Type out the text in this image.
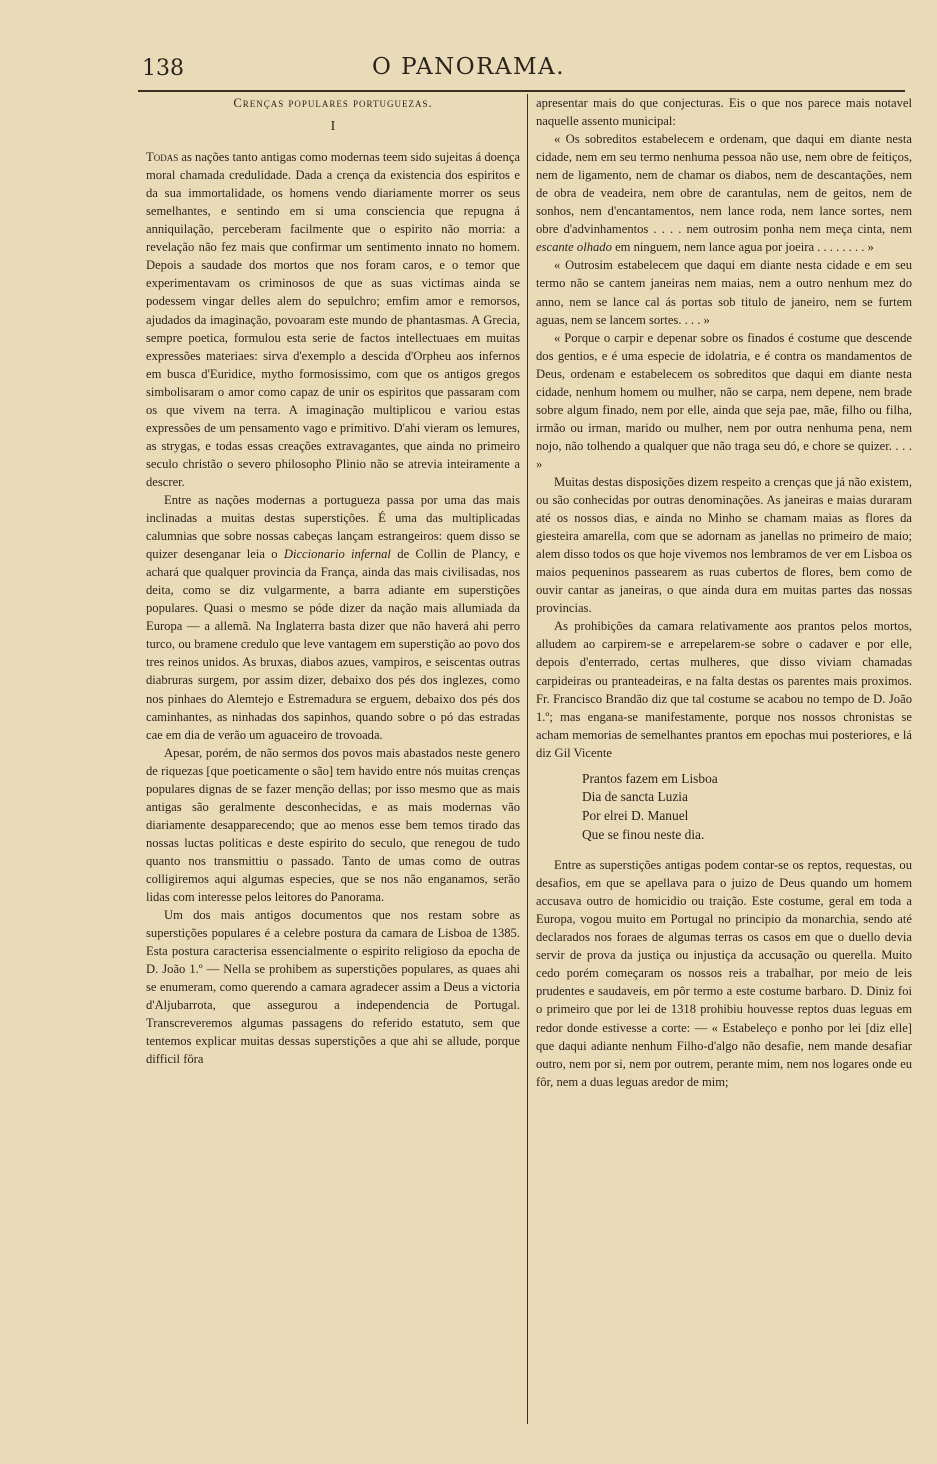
138	O PANORAMA.
Crenças populares portuguezas.
I

Todas as nações tanto antigas como modernas teem sido sujeitas á doença moral chamada credulidade. Dada a crença da existencia dos espiritos e da sua immortalidade, os homens vendo diariamente morrer os seus semelhantes, e sentindo em si uma consciencia que repugna á anniquilação, perceberam facilmente que o espirito não morria: a revelação não fez mais que confirmar um sentimento innato no homem. Depois a saudade dos mortos que nos foram caros, e o temor que experimentavam os criminosos de que as suas victimas ainda se podessem vingar delles alem do sepulchro; emfim amor e remorsos, ajudados da imaginação, povoaram este mundo de phantasmas. A Grecia, sempre poetica, formulou esta serie de factos intellectuaes em muitas expressões materiaes: sirva d'exemplo a descida d'Orpheu aos infernos em busca d'Euridice, mytho formosissimo, com que os antigos gregos simbolisaram o amor como capaz de unir os espiritos que passaram com os que vivem na terra. A imaginação multiplicou e variou estas expressões de um pensamento vago e primitivo. D'ahi vieram os lemures, as strygas, e todas essas creações extravagantes, que ainda no primeiro seculo christão o severo philosopho Plinio não se atrevia inteiramente a descrer.

Entre as nações modernas a portugueza passa por uma das mais inclinadas a muitas destas superstições. É uma das multiplicadas calumnias que sobre nossas cabeças lançam estrangeiros: quem disso se quizer desenganar leia o Diccionario infernal de Collin de Plancy, e achará que qualquer provincia da França, ainda das mais civilisadas, nos deita, como se diz vulgarmente, a barra adiante em superstições populares. Quasi o mesmo se póde dizer da nação mais allumiada da Europa — a allemã. Na Inglaterra basta dizer que não haverá ahi perro turco, ou bramene credulo que leve vantagem em superstição ao povo dos tres reinos unidos. As bruxas, diabos azues, vampiros, e seiscentas outras diabruras surgem, por assim dizer, debaixo dos pés dos inglezes, como nos pinhaes do Alemtejo e Estremadura se erguem, debaixo dos pés dos caminhantes, as ninhadas dos sapinhos, quando sobre o pó das estradas cae em dia de verão um aguaceiro de trovoada.

Apesar, porém, de não sermos dos povos mais abastados neste genero de riquezas [que poeticamente o são] tem havido entre nós muitas crenças populares dignas de se fazer menção dellas; por isso mesmo que as mais antigas são geralmente desconhecidas, e as mais modernas vão diariamente desapparecendo; que ao menos esse bem temos tirado das nossas luctas politicas e deste espirito do seculo, que renegou de tudo quanto nos transmittiu o passado. Tanto de umas como de outras colligiremos aqui algumas especies, que se nos não enganamos, serão lidas com interesse pelos leitores do Panorama.

Um dos mais antigos documentos que nos restam sobre as superstições populares é a celebre postura da camara de Lisboa de 1385. Esta postura caracterisa essencialmente o espirito religioso da epocha de D. João 1.º — Nella se prohibem as superstições populares, as quaes ahi se enumeram, como querendo a camara agradecer assim a Deus a victoria d'Aljubarrota, que assegurou a independencia de Portugal. Transcreveremos algumas passagens do referido estatuto, sem que tentemos explicar muitas dessas superstições a que ahi se allude, porque difficil fôra

apresentar mais do que conjecturas. Eis o que nos parece mais notavel naquelle assento municipal:

« Os sobreditos estabelecem e ordenam, que daqui em diante nesta cidade, nem em seu termo nenhuma pessoa não use, nem obre de feitiços, nem de ligamento, nem de chamar os diabos, nem de descantações, nem de obra de veadeira, nem obre de carantulas, nem de geitos, nem de sonhos, nem d'encantamentos, nem lance roda, nem lance sortes, nem obre d'advinhamentos . . . . nem outrosim ponha nem meça cinta, nem escante olhado em ninguem, nem lance agua por joeira . . . . . . . . »

« Outrosim estabelecem que daqui em diante nesta cidade e em seu termo não se cantem janeiras nem maias, nem a outro nenhum mez do anno, nem se lance cal ás portas sob titulo de janeiro, nem se furtem aguas, nem se lancem sortes. . . . »

« Porque o carpir e depenar sobre os finados é costume que descende dos gentios, e é uma especie de idolatria, e é contra os mandamentos de Deus, ordenam e estabelecem os sobreditos que daqui em diante nesta cidade, nenhum homem ou mulher, não se carpa, nem depene, nem brade sobre algum finado, nem por elle, ainda que seja pae, mãe, filho ou filha, irmão ou irman, marido ou mulher, nem por outra nenhuma pena, nem nojo, não tolhendo a qualquer que não traga seu dó, e chore se quizer. . . . »

Muitas destas disposições dizem respeito a crenças que já não existem, ou são conhecidas por outras denominações. As janeiras e maias duraram até os nossos dias, e ainda no Minho se chamam maias as flores da giesteira amarella, com que se adornam as janellas no primeiro de maio; alem disso todos os que hoje vivemos nos lembramos de ver em Lisboa os maios pequeninos passearem as ruas cubertos de flores, bem como de ouvir cantar as janeiras, o que ainda dura em muitas partes das nossas provincias.

As prohibições da camara relativamente aos prantos pelos mortos, alludem ao carpirem-se e arrepelarem-se sobre o cadaver e por elle, depois d'enterrado, certas mulheres, que disso viviam chamadas carpideiras ou pranteadeiras, e na falta destas os parentes mais proximos. Fr. Francisco Brandão diz que tal costume se acabou no tempo de D. João 1.º; mas engana-se manifestamente, porque nos nossos chronistas se acham memorias de semelhantes prantos em epochas mui posteriores, e lá diz Gil Vicente

Prantos fazem em Lisboa
Dia de sancta Luzia
Por elrei D. Manuel
Que se finou neste dia.

Entre as superstições antigas podem contar-se os reptos, requestas, ou desafios, em que se apellava para o juizo de Deus quando um homem accusava outro de homicidio ou traição. Este costume, geral em toda a Europa, vogou muito em Portugal no principio da monarchia, sendo até declarados nos foraes de algumas terras os casos em que o duello devia servir de prova da justiça ou injustiça da accusação ou querella. Muito cedo porém começaram os nossos reis a trabalhar, por meio de leis prudentes e saudaveis, em pôr termo a este costume barbaro. D. Diniz foi o primeiro que por lei de 1318 prohibiu houvesse reptos duas leguas em redor donde estivesse a corte: — « Estabeleço e ponho por lei [diz elle] que daqui adiante nenhum Filho-d'algo não desafie, nem mande desafiar outro, nem por si, nem por outrem, perante mim, nem nos logares onde eu fôr, nem a duas leguas aredor de mim;
